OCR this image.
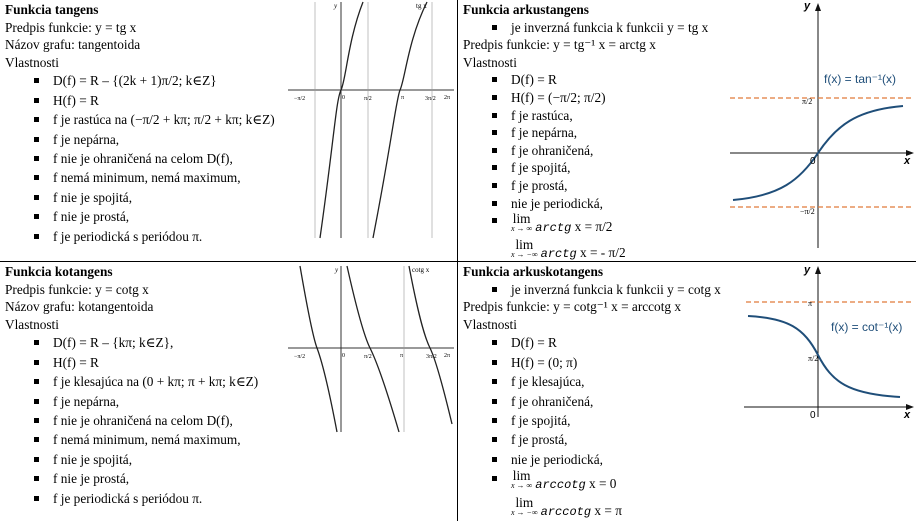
Funkcia tangens
Predpis funkcie: y = tg x
Názov grafu: tangentoida
Vlastnosti
D(f) = R – {(2k + 1)π/2; k∈Z}
H(f) = R
f je rastúca na (−π/2 + kπ; π/2 + kπ; k∈Z)
f je nepárna,
f nie je ohraničená na celom D(f),
f nemá minimum, nemá maximum,
f nie je spojitá,
f nie je prostá,
f je periodická s periódou π.
y	tg x
−π/2	0	π/2	π	3π/2 2π
Funkcia arkustangens
je inverzná funkcia k funkcii y = tg x
Predpis funkcie: y = tg⁻¹ x = arctg x
Vlastnosti
D(f) = R
H(f) = (−π/2; π/2)
f je rastúca,
f je nepárna,
f je ohraničená,
f je spojitá,
f je prostá,
nie je periodická,
lim
x → ∞ arctg x = π/2
lim
x → −∞ arctg x = - π/2
y
x
f(x) = tan⁻¹(x)
π/2
−π/2
0
Funkcia kotangens
Predpis funkcie: y = cotg x
Názov grafu: kotangentoida
Vlastnosti
D(f) = R – {kπ; k∈Z},
H(f) = R
f je klesajúca na (0 + kπ; π + kπ; k∈Z)
f je nepárna,
f nie je ohraničená na celom D(f),
f nemá minimum, nemá maximum,
f nie je spojitá,
f nie je prostá,
f je periodická s periódou π.
y	cotg x
−π/2	0	π/2	π	3π/2 2π
Funkcia arkuskotangens
je inverzná funkcia k funkcii y = cotg x
Predpis funkcie: y = cotg⁻¹ x = arccotg x
Vlastnosti
D(f) = R
H(f) = (0; π)
f je klesajúca,
f je ohraničená,
f je spojitá,
f je prostá,
nie je periodická,
lim
x → ∞ arccotg x = 0
lim
x → −∞ arccotg x = π
y
x
f(x) = cot⁻¹(x)
π
π/2
0
